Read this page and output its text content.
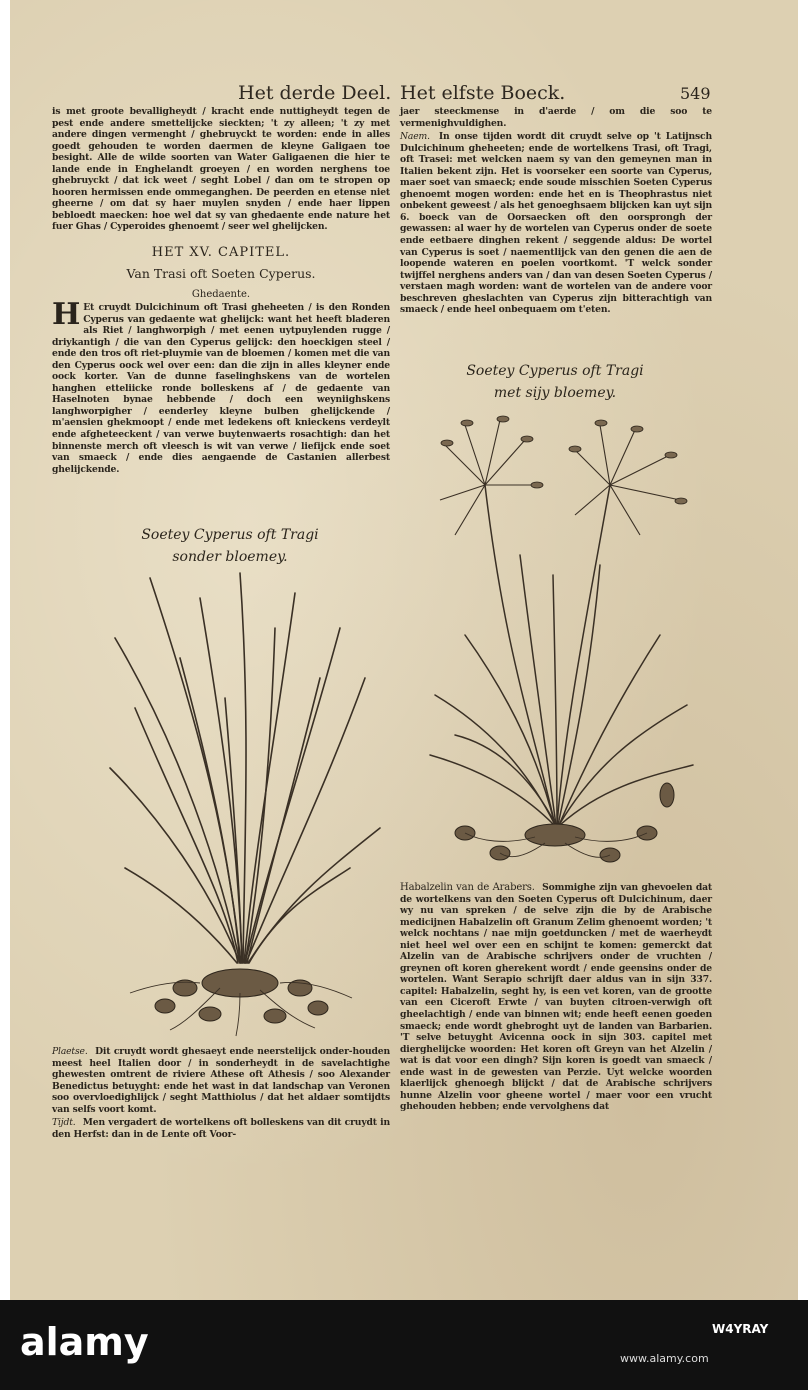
Het derde Deel. Het elfste Boeck.	549

is met groote bevalligheydt / kracht ende nuttigheydt tegen de pest ende andere smettelijcke sieckten; 't zy alleen; 't zy met andere dingen vermenght / ghebruyckt te worden: ende in alles goedt gehouden te worden daermen de kleyne Galigaen toe besight. Alle de wilde soorten van Water Galigaenen die hier te lande ende in Enghelandt groeyen / en worden nerghens toe ghebruyckt / dat ick weet / seght Lobel / dan om te stropen op hooren hermissen ende ommeganghen. De peerden en etense niet gheerne / om dat sy haer muylen snyden / ende haer lippen bebloedt maecken: hoe wel dat sy van ghedaente ende nature het fuer Ghas / Cyperoides ghenoemt / seer wel ghelijcken.

HET XV. CAPITEL.
Van Trasi oft Soeten Cyperus.
Ghedaente.

H Et cruydt Dulcichinum oft Trasi gheheeten / is den Ronden Cyperus van gedaente wat ghelijck: want het heeft bladeren als Riet / langhworpigh / met eenen uytpuylenden rugge / driykantigh / die van den Cyperus gelijck: den hoeckigen steel / ende den tros oft riet-pluymie van de bloemen / komen met die van den Cyperus oock wel over een: dan die zijn in alles kleyner ende oock korter. Van de dunne faselinghskens van de wortelen hanghen etteliicke ronde bolleskens af / de gedaente van Haselnoten bynae hebbende / doch een weyniighskens langhworpigher / eenderley kleyne bulben ghelijckende / m'aensien ghekmoopt / ende met ledekens oft knieckens verdeylt ende afgheteeckent / van verwe buytenwaerts rosachtigh: dan het binnenste merch oft vleesch is wit van verwe / liefijck ende soet van smaeck / ende dies aengaende de Castanien allerbest ghelijckende.

Soetey Cyperus oft Tragi
sonder bloemey.

jaer steeckmense in d'aerde / om die soo te vermenighvuldighen.

Naem. In onse tijden wordt dit cruydt selve op 't Latijnsch Dulcichinum gheheeten; ende de wortelkens Trasi, oft Tragi, oft Trasei: met welcken naem sy van den gemeynen man in Italien bekent zijn. Het is voorseker een soorte van Cyperus, maer soet van smaeck; ende soude misschien Soeten Cyperus ghenoemt mogen worden: ende het en is Theophrastus niet onbekent geweest / als het genoeghsaem blijcken kan uyt sijn 6. boeck van de Oorsaecken oft den oorsprongh der gewassen: al waer hy de wortelen van Cyperus onder de soete ende eetbaere dinghen rekent / seggende aldus: De wortel van Cyperus is soet / naementlijck van den genen die aen de loopende wateren en poelen voortkomt. 'T welck sonder twijffel nerghens anders van / dan van desen Soeten Cyperus / verstaen magh worden: want de wortelen van de andere voor beschreven gheslachten van Cyperus zijn bitterachtigh van smaeck / ende heel onbequaem om t'eten.

Soetey Cyperus oft Tragi
met sijy bloemey.

Plaetse. Dit cruydt wordt ghesaeyt ende neerstelijck onder-houden meest heel Italien door / in sonderheydt in de savelachtighe ghewesten omtrent de riviere Athese oft Athesis / soo Alexander Benedictus betuyght: ende het wast in dat landschap van Veronen soo overvloedighlijck / seght Matthiolus / dat het aldaer somtijdts van selfs voort komt.

Tijdt. Men vergadert de wortelkens oft bolleskens van dit cruydt in den Herfst: dan in de Lente oft Voor-

Habalzelin van de Arabers. Sommighe zijn van ghevoelen dat de wortelkens van den Soeten Cyperus oft Dulcichinum, daer wy nu van spreken / de selve zijn die by de Arabische medicijnen Habalzelin oft Granum Zelim ghenoemt worden; 't welck nochtans / nae mijn goetduncken / met de waerheydt niet heel wel over een en schijnt te komen: gemerckt dat Alzelin van de Arabische schrijvers onder de vruchten / greynen oft koren gherekent wordt / ende geensins onder de wortelen. Want Serapio schrijft daer aldus van in sijn 337. capitel: Habalzelin, seght hy, is een vet koren, van de grootte van een Ciceroft Erwte / van buyten citroen-verwigh oft gheelachtigh / ende van binnen wit; ende heeft eenen goeden smaeck; ende wordt ghebroght uyt de landen van Barbarien. 'T selve betuyght Avicenna oock in sijn 303. capitel met dierghelijcke woorden: Het koren oft Greyn van het Alzelin / wat is dat voor een dingh? Sijn koren is goedt van smaeck / ende wast in de gewesten van Perzie. Uyt welcke woorden klaerlijck ghenoegh blijckt / dat de Arabische schrijvers hunne Alzelin voor gheene wortel / maer voor een vrucht ghehouden hebben; ende vervolghens dat

alamy	W4YRAY
www.alamy.com
